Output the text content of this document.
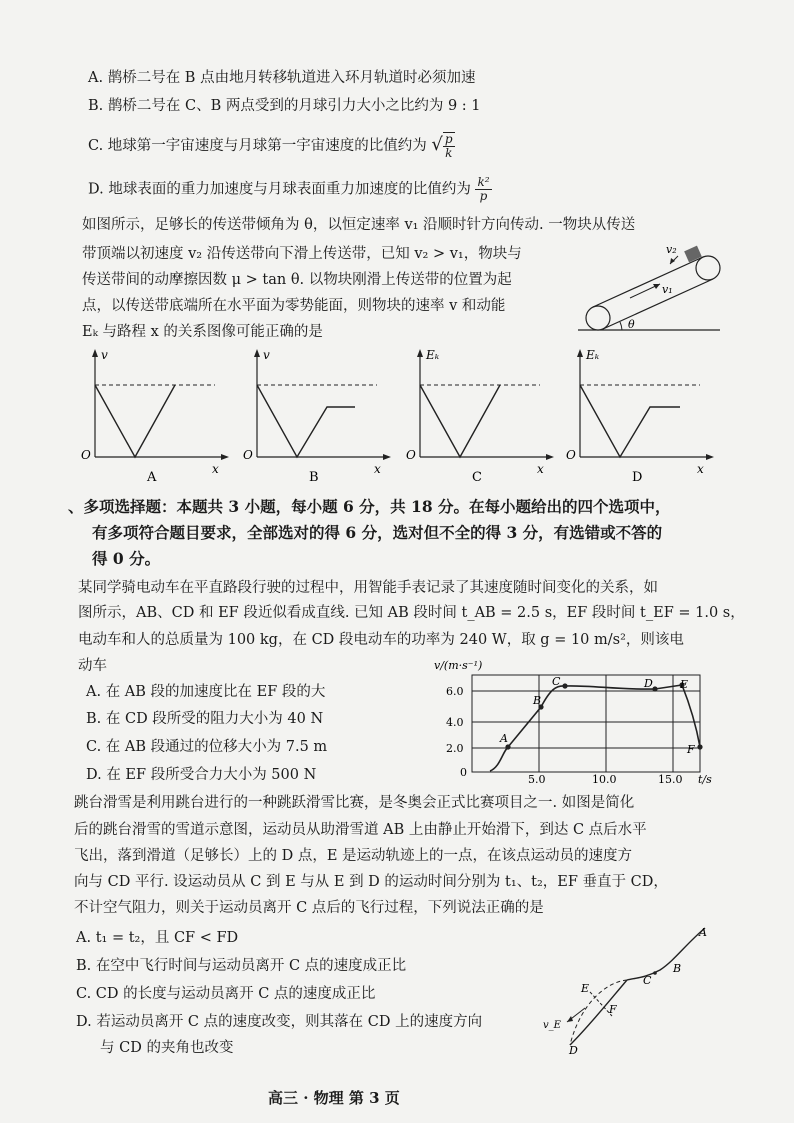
A. 鹊桥二号在 B 点由地月转移轨道进入环月轨道时必须加速
B. 鹊桥二号在 C、B 两点受到的月球引力大小之比约为 9 : 1
C. 地球第一宇宙速度与月球第一宇宙速度的比值约为 √ $\frac{p}{k}$
D. 地球表面的重力加速度与月球表面重力加速度的比值约为 $\frac{\text{k²}}{p}$
如图所示，足够长的传送带倾角为 θ，以恒定速率 v₁ 沿顺时针方向传动. 一物块从传送
带顶端以初速度 v₂ 沿传送带向下滑上传送带，已知 v₂ > v₁，物块与
传送带间的动摩擦因数 μ > tan θ. 以物块刚滑上传送带的位置为起
点，以传送带底端所在水平面为零势能面，则物块的速率 v 和动能
Eₖ 与路程 x 的关系图像可能正确的是
v₁
v₂
θ
O
v
x
A
O
v
x
B
O
Eₖ
x
C
O
Eₖ
x
D
、多项选择题：本题共 3 小题，每小题 6 分，共 18 分。在每小题给出的四个选项中，
有多项符合题目要求，全部选对的得 6 分，选对但不全的得 3 分，有选错或不答的
得 0 分。
某同学骑电动车在平直路段行驶的过程中，用智能手表记录了其速度随时间变化的关系，如
图所示，AB、CD 和 EF 段近似看成直线. 已知 AB 段时间 t_AB = 2.5 s，EF 段时间 t_EF = 1.0 s，
电动车和人的总质量为 100 kg，在 CD 段电动车的功率为 240 W，取 g = 10 m/s²，则该电
动车
A. 在 AB 段的加速度比在 EF 段的大
B. 在 CD 段所受的阻力大小为 40 N
C. 在 AB 段通过的位移大小为 7.5 m
D. 在 EF 段所受合力大小为 500 N
v/(m·s⁻¹)
0
2.0
4.0
6.0
5.0	10.0	15.0 t/s
A
B
C	D E
F
跳台滑雪是利用跳台进行的一种跳跃滑雪比赛，是冬奥会正式比赛项目之一. 如图是简化
后的跳台滑雪的雪道示意图，运动员从助滑雪道 AB 上由静止开始滑下，到达 C 点后水平
飞出，落到滑道（足够长）上的 D 点，E 是运动轨迹上的一点，在该点运动员的速度方
向与 CD 平行. 设运动员从 C 到 E 与从 E 到 D 的运动时间分别为 t₁、t₂，EF 垂直于 CD，
不计空气阻力，则关于运动员离开 C 点后的飞行过程，下列说法正确的是
A. t₁ = t₂，且 CF < FD
B. 在空中飞行时间与运动员离开 C 点的速度成正比
C. CD 的长度与运动员离开 C 点的速度成正比
D. 若运动员离开 C 点的速度改变，则其落在 CD 上的速度方向
与 CD 的夹角也改变
A
B
C
D
E
F
v_E
高三 · 物理 第 3 页
